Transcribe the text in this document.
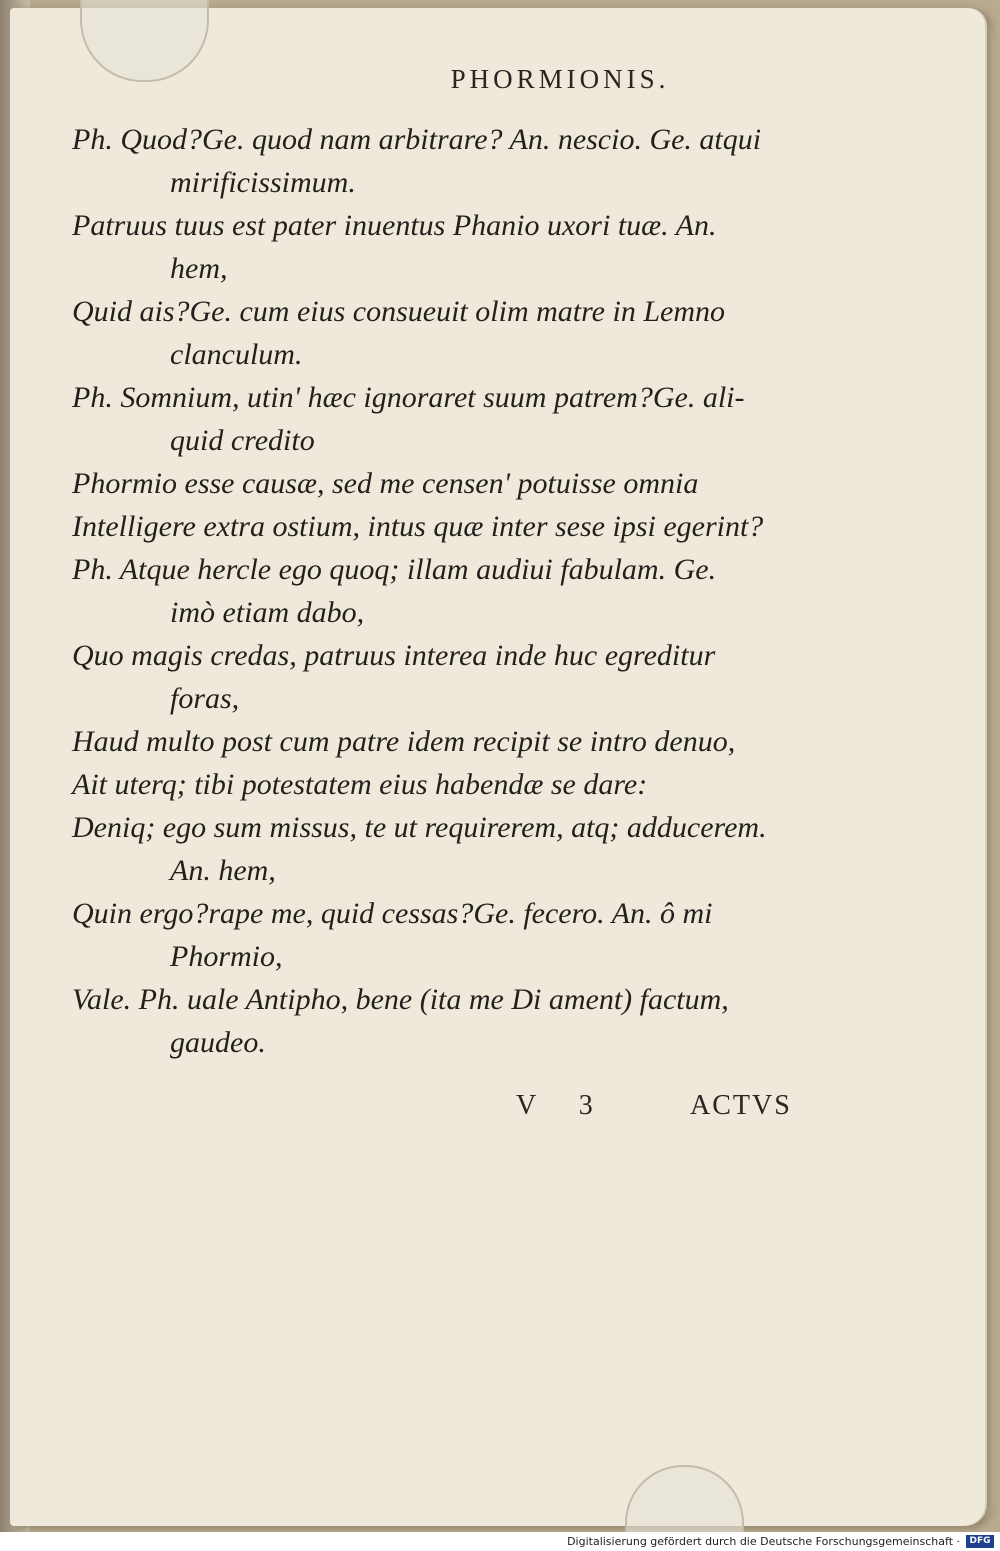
PHORMIONIS.
Ph. Quod?Ge. quod nam arbitrare? An. nescio. Ge. atqui
mirificissimum.
Patruus tuus est pater inuentus Phanio uxori tuæ. An.
hem,
Quid ais?Ge. cum eius consueuit olim matre in Lemno
clanculum.
Ph. Somnium, utin' hæc ignoraret suum patrem?Ge. ali-
quid credito
Phormio esse causæ, sed me censen' potuisse omnia
Intelligere extra ostium, intus quæ inter sese ipsi egerint?
Ph. Atque hercle ego quoq; illam audiui fabulam. Ge.
imò etiam dabo,
Quo magis credas, patruus interea inde huc egreditur
foras,
Haud multo post cum patre idem recipit se intro denuo,
Ait uterq; tibi potestatem eius habendæ se dare:
Deniq; ego sum missus, te ut requirerem, atq; adducerem.
An. hem,
Quin ergo?rape me, quid cessas?Ge. fecero. An. ô mi
Phormio,
Vale. Ph. uale Antipho, bene (ita me Di ament) factum,
gaudeo.
V 3	ACTVS
Digitalisierung gefördert durch die Deutsche Forschungsgemeinschaft ·	DFG
